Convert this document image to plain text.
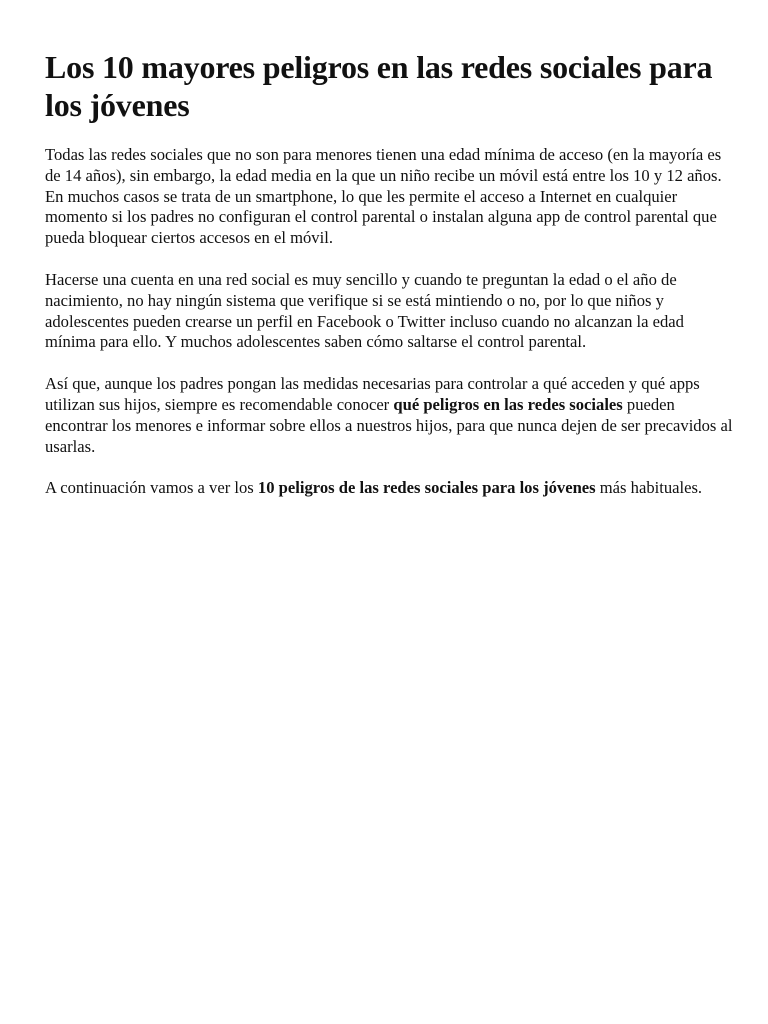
Los 10 mayores peligros en las redes sociales para los jóvenes

Todas las redes sociales que no son para menores tienen una edad mínima de acceso (en la mayoría es de 14 años), sin embargo, la edad media en la que un niño recibe un móvil está entre los 10 y 12 años. En muchos casos se trata de un smartphone, lo que les permite el acceso a Internet en cualquier momento si los padres no configuran el control parental o instalan alguna app de control parental que pueda bloquear ciertos accesos en el móvil.

Hacerse una cuenta en una red social es muy sencillo y cuando te preguntan la edad o el año de nacimiento, no hay ningún sistema que verifique si se está mintiendo o no, por lo que niños y adolescentes pueden crearse un perfil en Facebook o Twitter incluso cuando no alcanzan la edad mínima para ello. Y muchos adolescentes saben cómo saltarse el control parental.

Así que, aunque los padres pongan las medidas necesarias para controlar a qué acceden y qué apps utilizan sus hijos, siempre es recomendable conocer qué peligros en las redes sociales pueden encontrar los menores e informar sobre ellos a nuestros hijos, para que nunca dejen de ser precavidos al usarlas.

A continuación vamos a ver los 10 peligros de las redes sociales para los jóvenes más habituales.
